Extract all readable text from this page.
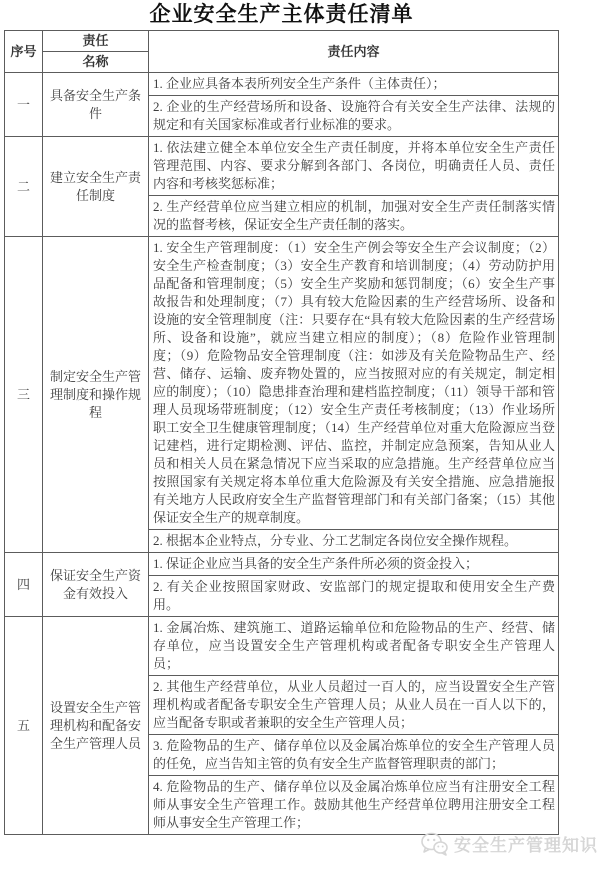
企业安全生产主体责任清单
序号	责任	责任内容
	名称	
一	具备安全生产条件	1. 企业应具备本表所列安全生产条件（主体责任）；
		2. 企业的生产经营场所和设备、设施符合有关安全生产法律、法规的规定和有关国家标准或者行业标准的要求。
二	建立安全生产责任制度	1. 依法建立健全本单位安全生产责任制度，并将本单位安全生产责任管理范围、内容、要求分解到各部门、各岗位，明确责任人员、责任内容和考核奖惩标准；
		2. 生产经营单位应当建立相应的机制，加强对安全生产责任制落实情况的监督考核，保证安全生产责任制的落实。
三	制定安全生产管理制度和操作规程	1. 安全生产管理制度：（1）安全生产例会等安全生产会议制度；（2）安全生产检查制度；（3）安全生产教育和培训制度；（4）劳动防护用品配备和管理制度；（5）安全生产奖励和惩罚制度；（6）安全生产事故报告和处理制度；（7）具有较大危险因素的生产经营场所、设备和设施的安全管理制度（注：只要存在“具有较大危险因素的生产经营场所、设备和设施”，就应当建立相应的制度）；（8）危险作业管理制度；（9）危险物品安全管理制度（注：如涉及有关危险物品生产、经营、储存、运输、废弃物处置的，应当按照对应的有关规定，制定相应的制度）；（10）隐患排查治理和建档监控制度；（11）领导干部和管理人员现场带班制度；（12）安全生产责任考核制度；（13）作业场所职工安全卫生健康管理制度；（14）生产经营单位对重大危险源应当登记建档，进行定期检测、评估、监控，并制定应急预案，告知从业人员和相关人员在紧急情况下应当采取的应急措施。生产经营单位应当按照国家有关规定将本单位重大危险源及有关安全措施、应急措施报有关地方人民政府安全生产监督管理部门和有关部门备案；（15）其他保证安全生产的规章制度。
		2. 根据本企业特点，分专业、分工艺制定各岗位安全操作规程。
四	保证安全生产资金有效投入	1. 保证企业应当具备的安全生产条件所必须的资金投入；
		2. 有关企业按照国家财政、安监部门的规定提取和使用安全生产费用。
五	设置安全生产管理机构和配备安全生产管理人员	1. 金属冶炼、建筑施工、道路运输单位和危险物品的生产、经营、储存单位，应当设置安全生产管理机构或者配备专职安全生产管理人员；
		2. 其他生产经营单位，从业人员超过一百人的，应当设置安全生产管理机构或者配备专职安全生产管理人员；从业人员在一百人以下的，应当配备专职或者兼职的安全生产管理人员；
		3. 危险物品的生产、储存单位以及金属冶炼单位的安全生产管理人员的任免，应当告知主管的负有安全生产监督管理职责的部门；
		4. 危险物品的生产、储存单位以及金属冶炼单位应当有注册安全工程师从事安全生产管理工作。鼓励其他生产经营单位聘用注册安全工程师从事安全生产管理工作；
安全生产管理知识
